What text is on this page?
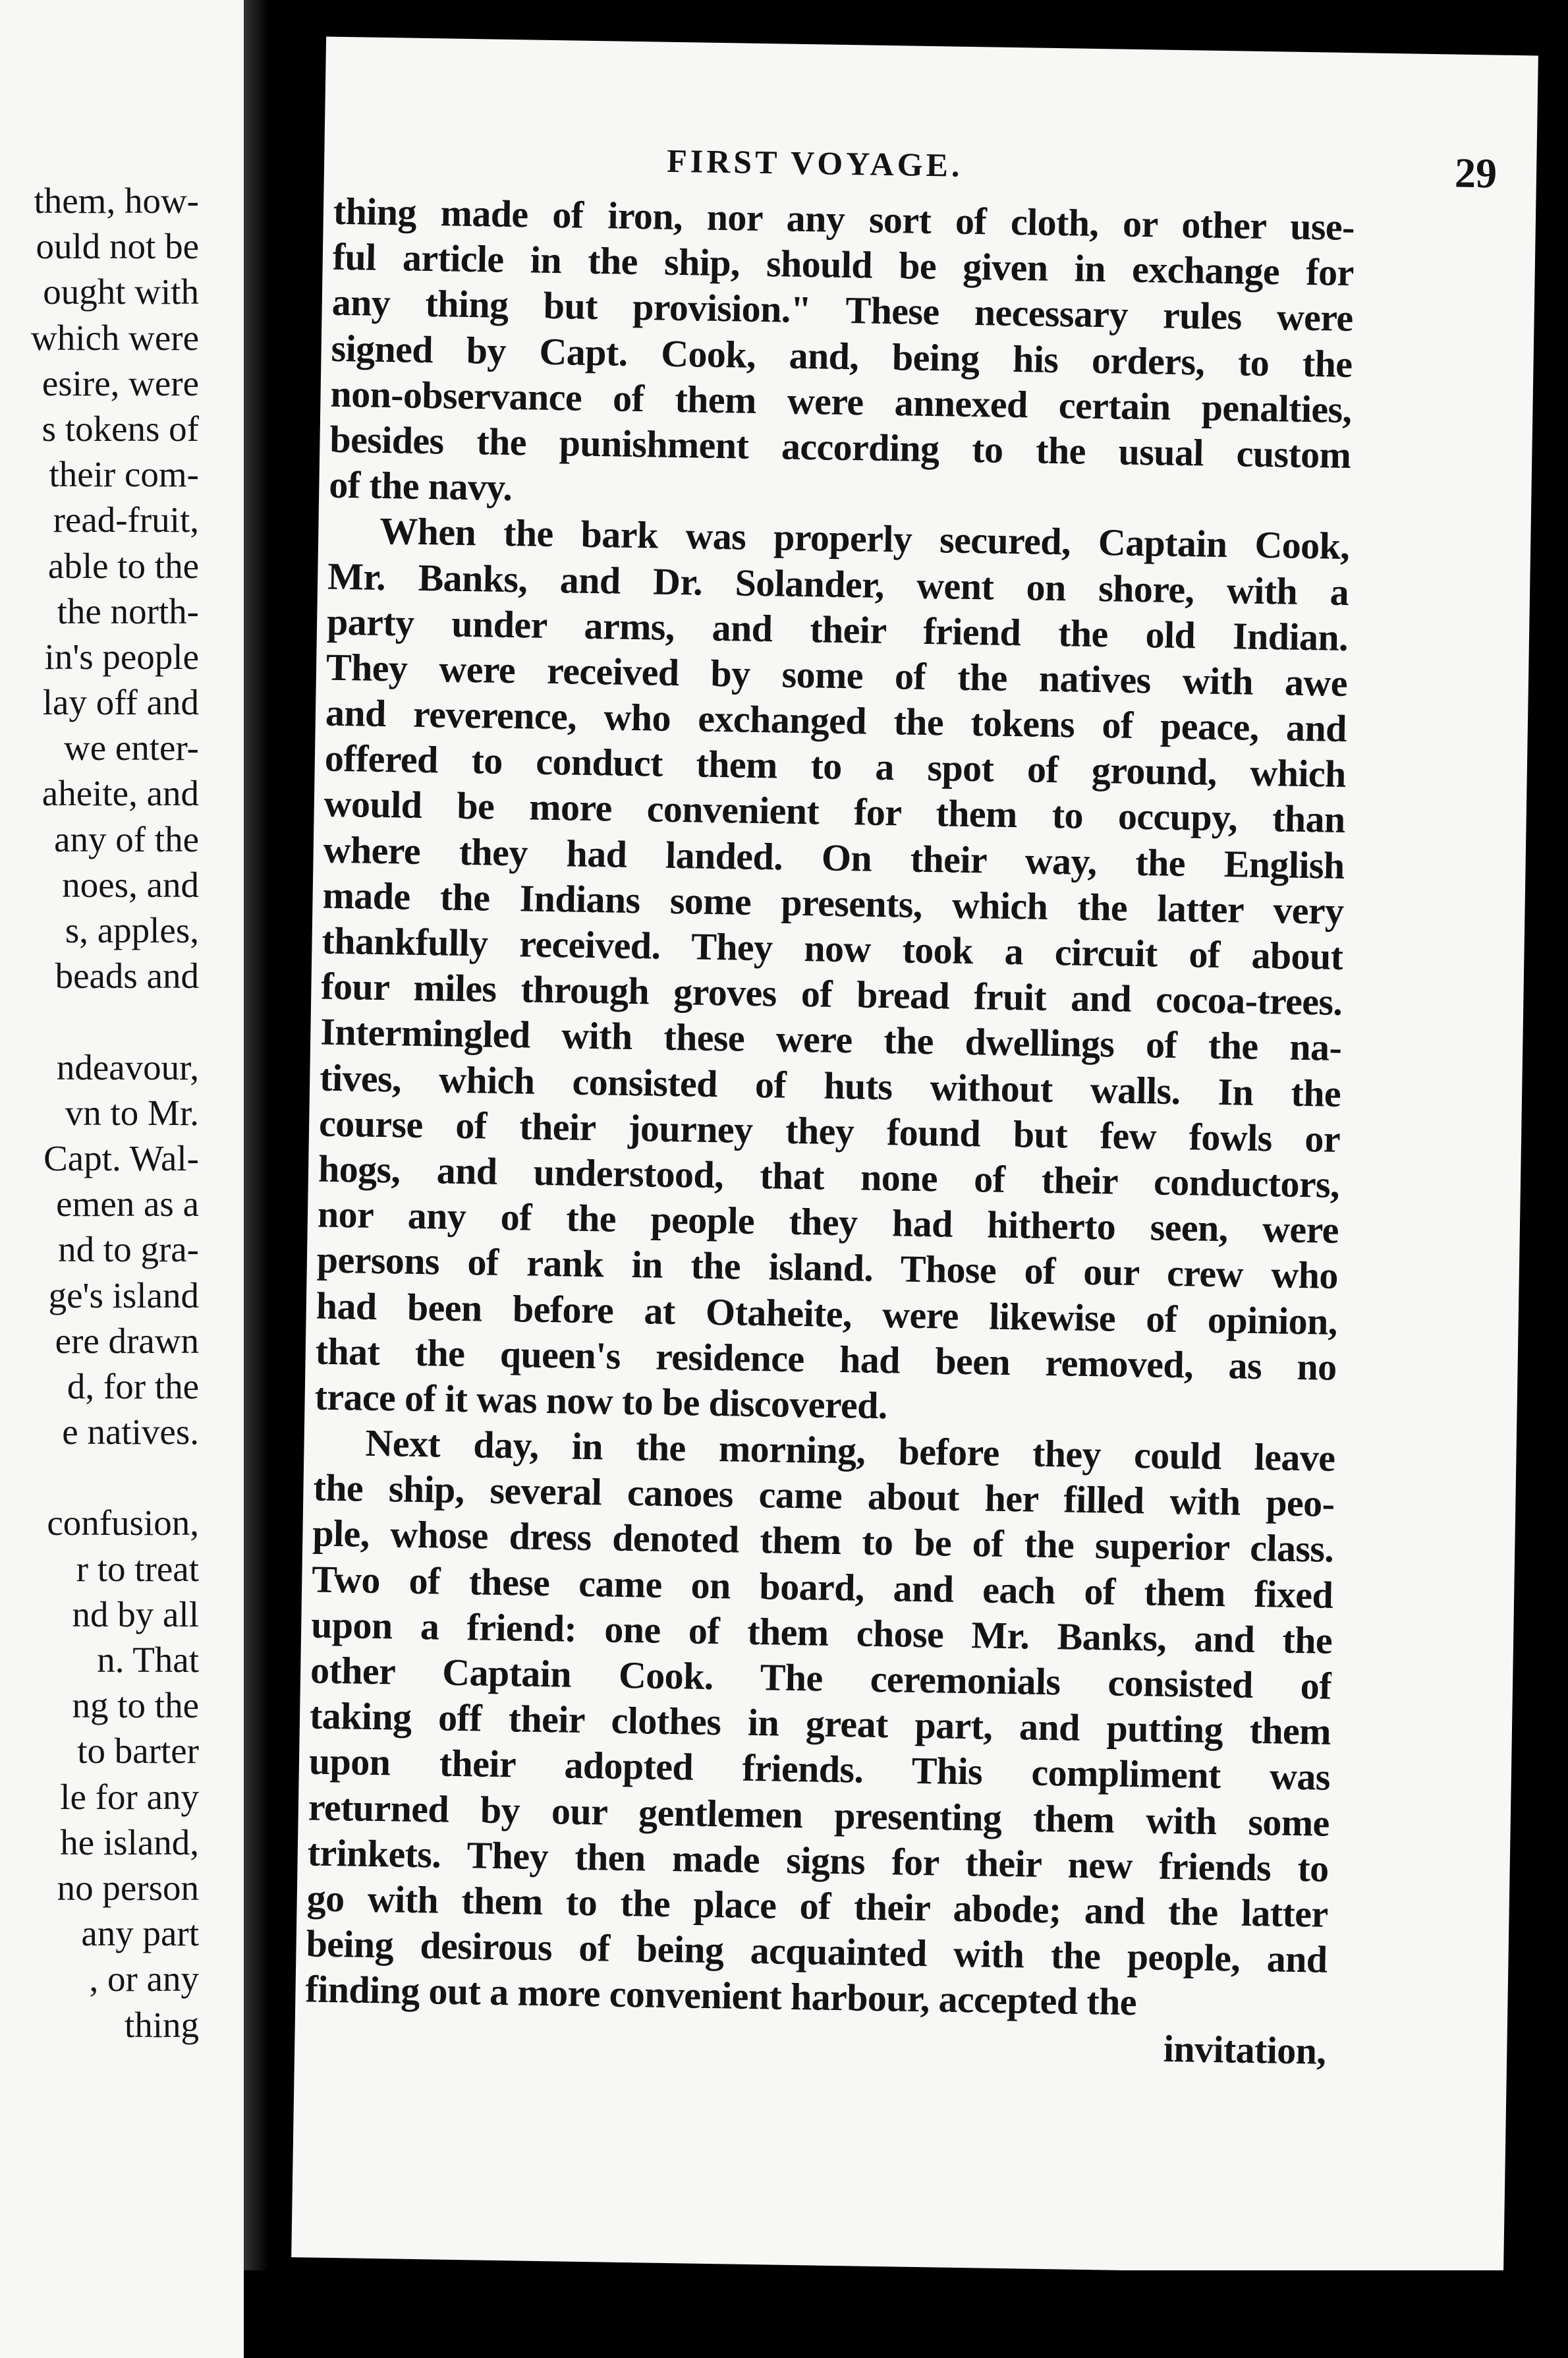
them, how-
ould not be
ought with
which were
esire, were
s tokens of
their com-
read-fruit,
able to the
the north-
in's people
lay off and
we enter-
aheite, and
any of the
noes, and
s, apples,
beads and
ndeavour,
vn to Mr.
Capt. Wal-
emen as a
nd to gra-
ge's island
ere drawn
d, for the
e natives.
confusion,
r to treat
nd by all
n. That
ng to the
to barter
le for any
he island,
no person
any part
, or any
thing
FIRST VOYAGE.	29
thing made of iron, nor any sort of cloth, or other use-
ful article in the ship, should be given in exchange for
any thing but provision." These necessary rules were
signed by Capt. Cook, and, being his orders, to the
non-observance of them were annexed certain penalties,
besides the punishment according to the usual custom
of the navy.
When the bark was properly secured, Captain Cook,
Mr. Banks, and Dr. Solander, went on shore, with a
party under arms, and their friend the old Indian.
They were received by some of the natives with awe
and reverence, who exchanged the tokens of peace, and
offered to conduct them to a spot of ground, which
would be more convenient for them to occupy, than
where they had landed. On their way, the English
made the Indians some presents, which the latter very
thankfully received. They now took a circuit of about
four miles through groves of bread fruit and cocoa-trees.
Intermingled with these were the dwellings of the na-
tives, which consisted of huts without walls. In the
course of their journey they found but few fowls or
hogs, and understood, that none of their conductors,
nor any of the people they had hitherto seen, were
persons of rank in the island. Those of our crew who
had been before at Otaheite, were likewise of opinion,
that the queen's residence had been removed, as no
trace of it was now to be discovered.
Next day, in the morning, before they could leave
the ship, several canoes came about her filled with peo-
ple, whose dress denoted them to be of the superior class.
Two of these came on board, and each of them fixed
upon a friend: one of them chose Mr. Banks, and the
other Captain Cook. The ceremonials consisted of
taking off their clothes in great part, and putting them
upon their adopted friends. This compliment was
returned by our gentlemen presenting them with some
trinkets. They then made signs for their new friends to
go with them to the place of their abode; and the latter
being desirous of being acquainted with the people, and
finding out a more convenient harbour, accepted the
invitation,
